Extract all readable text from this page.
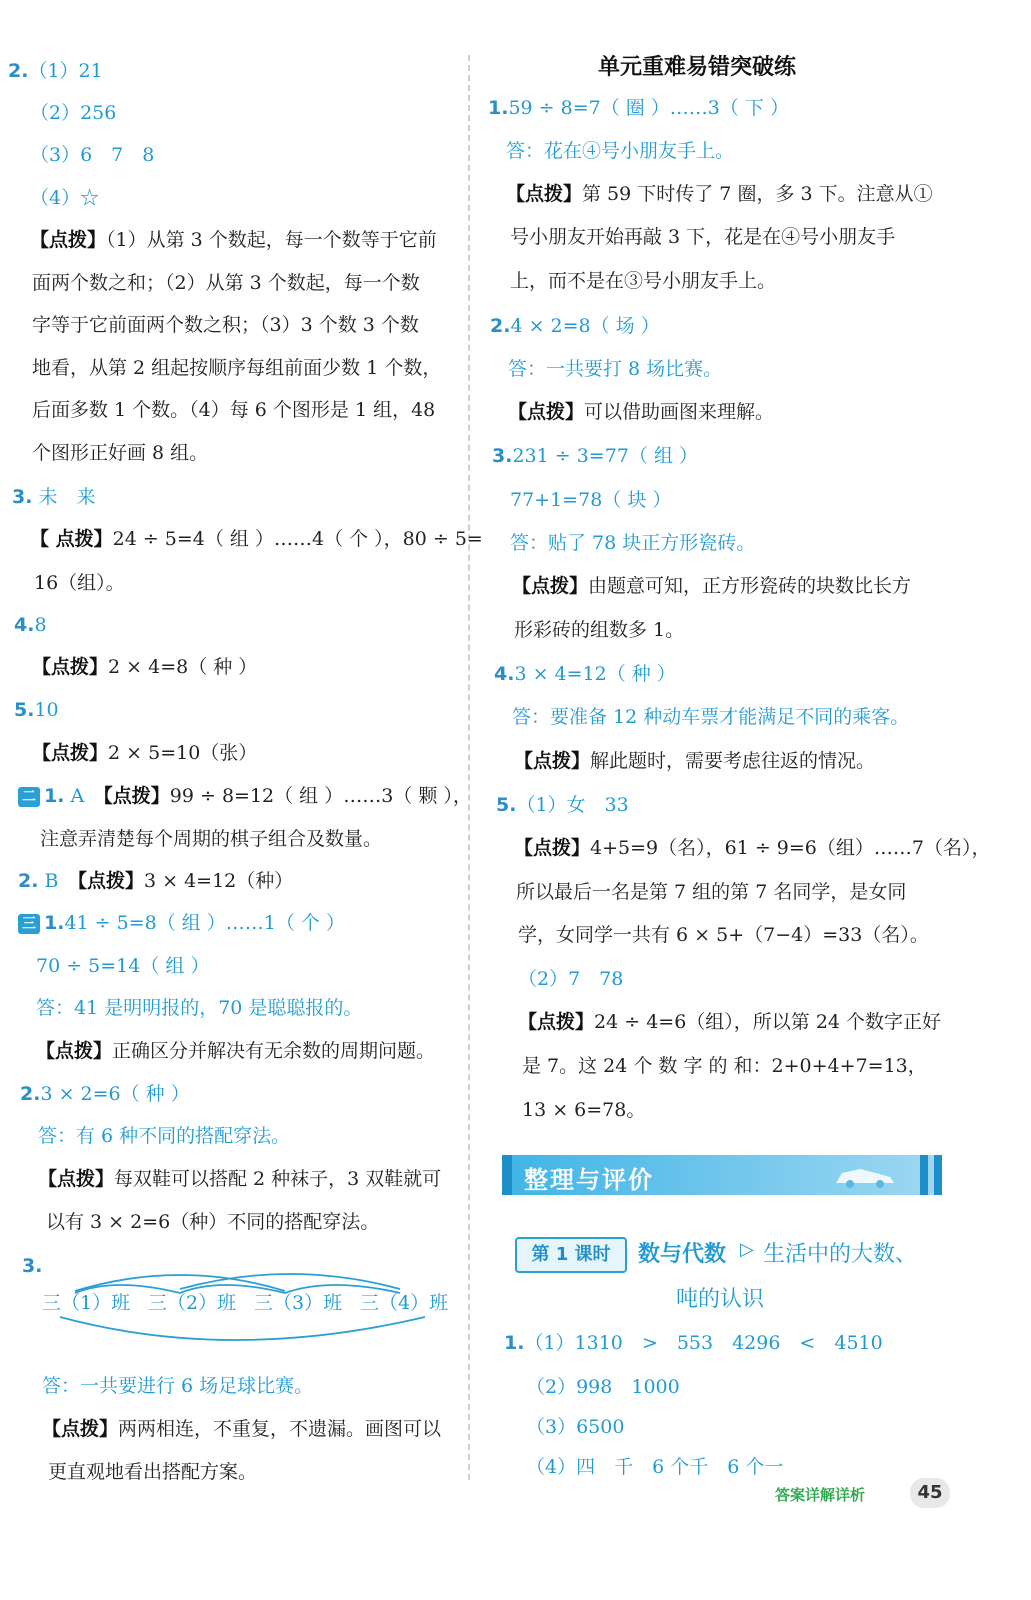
2.（1）21
（2）256
（3）6　7　8
（4）☆
【点拨】（1）从第 3 个数起，每一个数等于它前
面两个数之和；（2）从第 3 个数起，每一个数
字等于它前面两个数之积；（3）3 个数 3 个数
地看，从第 2 组起按顺序每组前面少数 1 个数，
后面多数 1 个数。（4）每 6 个图形是 1 组，48
个图形正好画 8 组。
3. 未　来
【 点拨】24 ÷ 5=4（ 组 ）……4（ 个 ），80 ÷ 5=
16（组）。
4.8
【点拨】2 × 4=8（ 种 ）
5.10
【点拨】2 × 5=10（张）
二 1. A　 【点拨】99 ÷ 8=12（ 组 ）……3（ 颗 ），
注意弄清楚每个周期的棋子组合及数量。
2. B　 【点拨】3 × 4=12（种）
三 1.41 ÷ 5=8（ 组 ）……1（ 个 ）
70 ÷ 5=14（ 组 ）
答：41 是明明报的，70 是聪聪报的。
【点拨】正确区分并解决有无余数的周期问题。
2.3 × 2=6（ 种 ）
答：有 6 种不同的搭配穿法。
【点拨】每双鞋可以搭配 2 种袜子，3 双鞋就可
以有 3 × 2=6（种）不同的搭配穿法。
3.
三（1）班 三（2）班 三（3）班 三（4）班
答：一共要进行 6 场足球比赛。
【点拨】两两相连，不重复，不遗漏。画图可以
更直观地看出搭配方案。
单元重难易错突破练
1.59 ÷ 8=7（ 圈 ）……3（ 下 ）
答：花在④号小朋友手上。
【点拨】第 59 下时传了 7 圈，多 3 下。注意从①
号小朋友开始再敲 3 下，花是在④号小朋友手
上，而不是在③号小朋友手上。
2.4 × 2=8（ 场 ）
答：一共要打 8 场比赛。
【点拨】可以借助画图来理解。
3.231 ÷ 3=77（ 组 ）
77+1=78（ 块 ）
答：贴了 78 块正方形瓷砖。
【点拨】由题意可知，正方形瓷砖的块数比长方
形彩砖的组数多 1。
4.3 × 4=12（ 种 ）
答：要准备 12 种动车票才能满足不同的乘客。
【点拨】解此题时，需要考虑往返的情况。
5.（1）女　33
【点拨】4+5=9（名），61 ÷ 9=6（组）……7（名），
所以最后一名是第 7 组的第 7 名同学，是女同
学，女同学一共有 6 × 5+（7−4）=33（名）。
（2）7　78
【点拨】24 ÷ 4=6（组），所以第 24 个数字正好
是 7。这 24 个 数 字 的 和：2+0+4+7=13，
13 × 6=78。
整理与评价
第 1 课时	数与代数 ▷ 生活中的大数、
吨的认识
1.（1）1310　>　553　4296　<　4510
（2）998　1000
（3）6500
（4）四　千　6 个千　6 个一
答案详解详析	45
